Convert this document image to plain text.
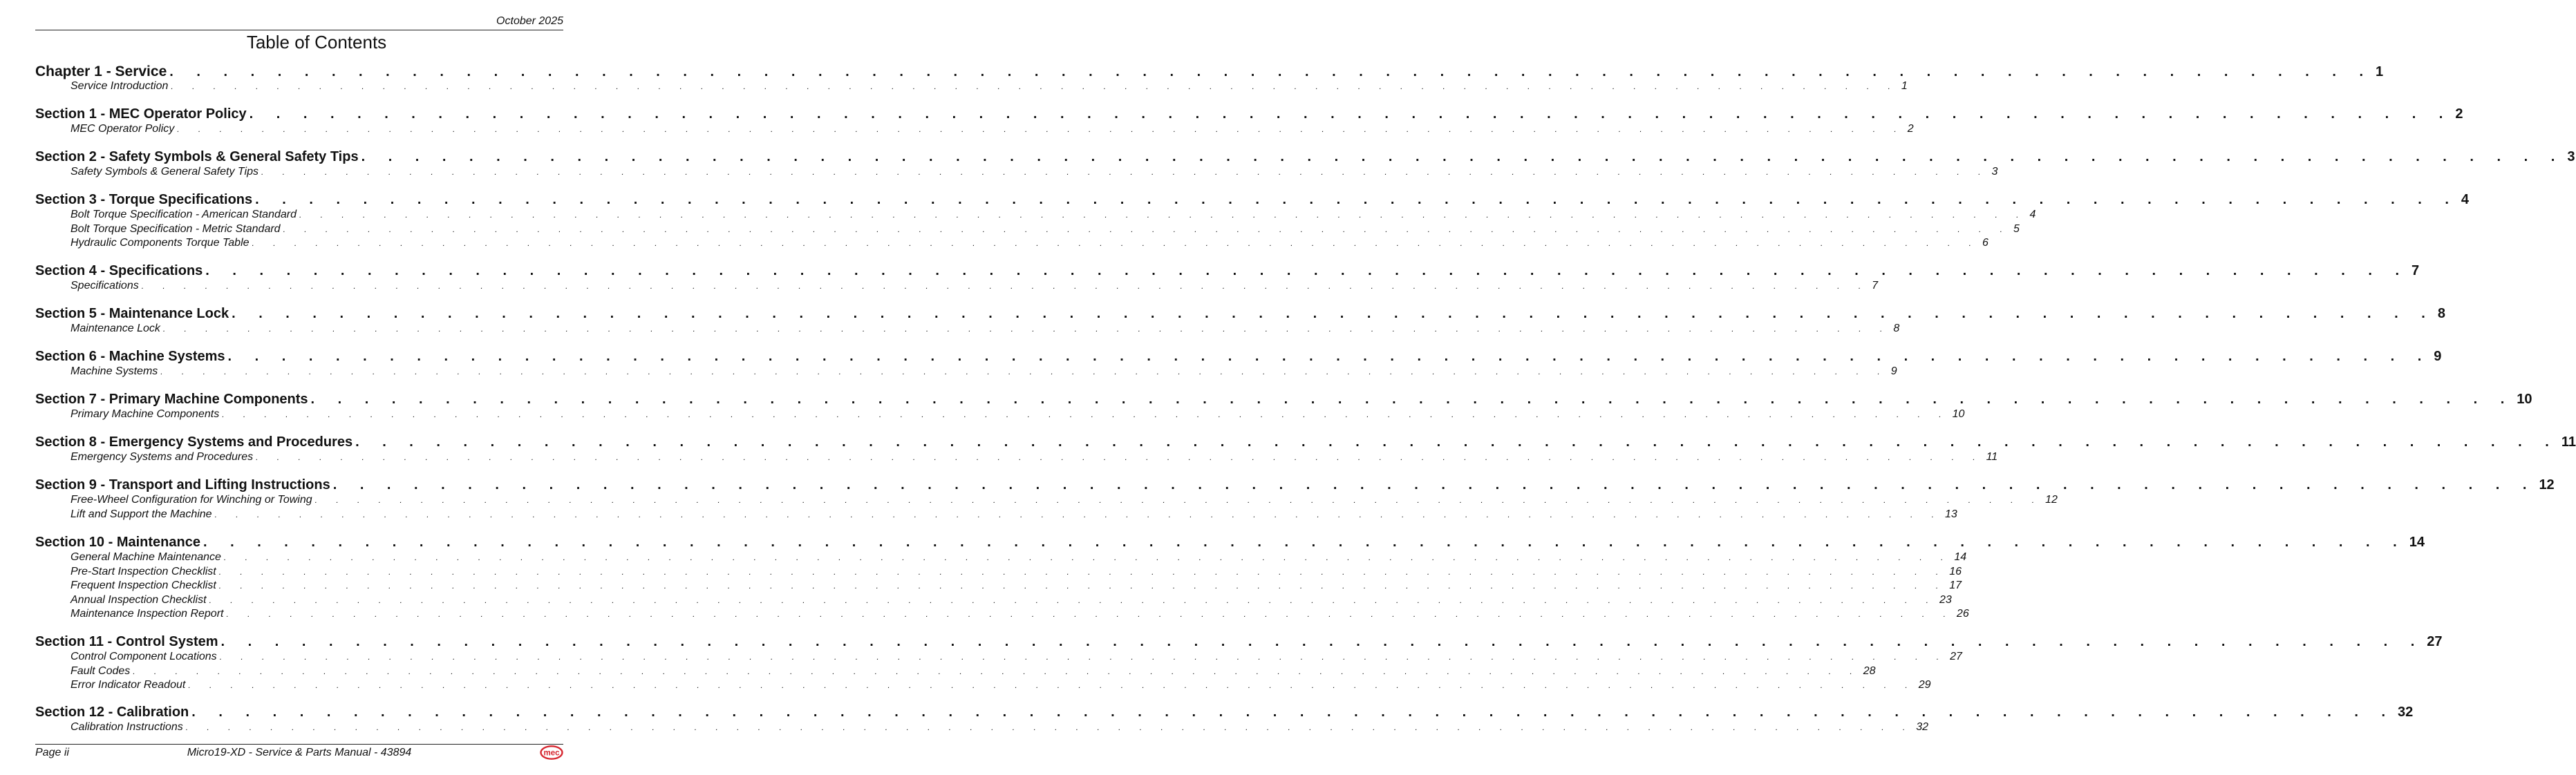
October 2025
Table of Contents
Chapter 1 - Service . . . . . . . . . . . . . . . . . . . . . . . . . . . . . . . . . . . . . . . . . . . . . . . . . . . . . . . . . . . . . . . . . . . . . . . . . . . . . . . . . . 1
Service Introduction . . . . . . . . . . . . . . . . . . . . . . . . . . . . . . . . . . . . . . . . . . . . . . . . . . . . . . . . . . . . . . . . . . . . . . . . . . . . . . . . . . 1
Section 1 - MEC Operator Policy . . . . . . . . . . . . . . . . . . . . . . . . . . . . . . . . . . . . . . . . . . . . . . . . . . . . . . . . . . . . . . . . . . . . . . . . . . . . . . . . . . 2
MEC Operator Policy . . . . . . . . . . . . . . . . . . . . . . . . . . . . . . . . . . . . . . . . . . . . . . . . . . . . . . . . . . . . . . . . . . . . . . . . . . . . . . . . . . 2
Section 2 - Safety Symbols & General Safety Tips . . . . . . . . . . . . . . . . . . . . . . . . . . . . . . . . . . . . . . . . . . . . . . . . . . . . . . . . . . . . . . . . . . . . . . . . . . . . . . . . . . 3
Safety Symbols & General Safety Tips . . . . . . . . . . . . . . . . . . . . . . . . . . . . . . . . . . . . . . . . . . . . . . . . . . . . . . . . . . . . . . . . . . . . . . . . . . . . . . . . . . 3
Section 3 - Torque Specifications . . . . . . . . . . . . . . . . . . . . . . . . . . . . . . . . . . . . . . . . . . . . . . . . . . . . . . . . . . . . . . . . . . . . . . . . . . . . . . . . . . 4
Bolt Torque Specification - American Standard . . . . . . . . . . . . . . . . . . . . . . . . . . . . . . . . . . . . . . . . . . . . . . . . . . . . . . . . . . . . . . . . . . . . . . . . . . . . . . . . . . 4
Bolt Torque Specification - Metric Standard . . . . . . . . . . . . . . . . . . . . . . . . . . . . . . . . . . . . . . . . . . . . . . . . . . . . . . . . . . . . . . . . . . . . . . . . . . . . . . . . . . 5
Hydraulic Components Torque Table . . . . . . . . . . . . . . . . . . . . . . . . . . . . . . . . . . . . . . . . . . . . . . . . . . . . . . . . . . . . . . . . . . . . . . . . . . . . . . . . . . 6
Section 4 - Specifications . . . . . . . . . . . . . . . . . . . . . . . . . . . . . . . . . . . . . . . . . . . . . . . . . . . . . . . . . . . . . . . . . . . . . . . . . . . . . . . . . . 7
Specifications . . . . . . . . . . . . . . . . . . . . . . . . . . . . . . . . . . . . . . . . . . . . . . . . . . . . . . . . . . . . . . . . . . . . . . . . . . . . . . . . . . 7
Section 5 - Maintenance Lock . . . . . . . . . . . . . . . . . . . . . . . . . . . . . . . . . . . . . . . . . . . . . . . . . . . . . . . . . . . . . . . . . . . . . . . . . . . . . . . . . . 8
Maintenance Lock . . . . . . . . . . . . . . . . . . . . . . . . . . . . . . . . . . . . . . . . . . . . . . . . . . . . . . . . . . . . . . . . . . . . . . . . . . . . . . . . . . 8
Section 6 - Machine Systems . . . . . . . . . . . . . . . . . . . . . . . . . . . . . . . . . . . . . . . . . . . . . . . . . . . . . . . . . . . . . . . . . . . . . . . . . . . . . . . . . . 9
Machine Systems . . . . . . . . . . . . . . . . . . . . . . . . . . . . . . . . . . . . . . . . . . . . . . . . . . . . . . . . . . . . . . . . . . . . . . . . . . . . . . . . . . 9
Section 7 - Primary Machine Components . . . . . . . . . . . . . . . . . . . . . . . . . . . . . . . . . . . . . . . . . . . . . . . . . . . . . . . . . . . . . . . . . . . . . . . . . . . . . . . . . . 10
Primary Machine Components . . . . . . . . . . . . . . . . . . . . . . . . . . . . . . . . . . . . . . . . . . . . . . . . . . . . . . . . . . . . . . . . . . . . . . . . . . . . . . . . . . 10
Section 8 - Emergency Systems and Procedures . . . . . . . . . . . . . . . . . . . . . . . . . . . . . . . . . . . . . . . . . . . . . . . . . . . . . . . . . . . . . . . . . . . . . . . . . . . . . . . . . . 11
Emergency Systems and Procedures . . . . . . . . . . . . . . . . . . . . . . . . . . . . . . . . . . . . . . . . . . . . . . . . . . . . . . . . . . . . . . . . . . . . . . . . . . . . . . . . . . 11
Section 9 - Transport and Lifting Instructions . . . . . . . . . . . . . . . . . . . . . . . . . . . . . . . . . . . . . . . . . . . . . . . . . . . . . . . . . . . . . . . . . . . . . . . . . . . . . . . . . . 12
Free-Wheel Configuration for Winching or Towing . . . . . . . . . . . . . . . . . . . . . . . . . . . . . . . . . . . . . . . . . . . . . . . . . . . . . . . . . . . . . . . . . . . . . . . . . . . . . . . . . . 12
Lift and Support the Machine . . . . . . . . . . . . . . . . . . . . . . . . . . . . . . . . . . . . . . . . . . . . . . . . . . . . . . . . . . . . . . . . . . . . . . . . . . . . . . . . . . 13
Section 10 - Maintenance . . . . . . . . . . . . . . . . . . . . . . . . . . . . . . . . . . . . . . . . . . . . . . . . . . . . . . . . . . . . . . . . . . . . . . . . . . . . . . . . . . 14
General Machine Maintenance . . . . . . . . . . . . . . . . . . . . . . . . . . . . . . . . . . . . . . . . . . . . . . . . . . . . . . . . . . . . . . . . . . . . . . . . . . . . . . . . . . 14
Pre-Start Inspection Checklist . . . . . . . . . . . . . . . . . . . . . . . . . . . . . . . . . . . . . . . . . . . . . . . . . . . . . . . . . . . . . . . . . . . . . . . . . . . . . . . . . . 16
Frequent Inspection Checklist . . . . . . . . . . . . . . . . . . . . . . . . . . . . . . . . . . . . . . . . . . . . . . . . . . . . . . . . . . . . . . . . . . . . . . . . . . . . . . . . . . 17
Annual Inspection Checklist . . . . . . . . . . . . . . . . . . . . . . . . . . . . . . . . . . . . . . . . . . . . . . . . . . . . . . . . . . . . . . . . . . . . . . . . . . . . . . . . . . 23
Maintenance Inspection Report . . . . . . . . . . . . . . . . . . . . . . . . . . . . . . . . . . . . . . . . . . . . . . . . . . . . . . . . . . . . . . . . . . . . . . . . . . . . . . . . . . 26
Section 11 - Control System . . . . . . . . . . . . . . . . . . . . . . . . . . . . . . . . . . . . . . . . . . . . . . . . . . . . . . . . . . . . . . . . . . . . . . . . . . . . . . . . . . 27
Control Component Locations . . . . . . . . . . . . . . . . . . . . . . . . . . . . . . . . . . . . . . . . . . . . . . . . . . . . . . . . . . . . . . . . . . . . . . . . . . . . . . . . . . 27
Fault Codes . . . . . . . . . . . . . . . . . . . . . . . . . . . . . . . . . . . . . . . . . . . . . . . . . . . . . . . . . . . . . . . . . . . . . . . . . . . . . . . . . . 28
Error Indicator Readout . . . . . . . . . . . . . . . . . . . . . . . . . . . . . . . . . . . . . . . . . . . . . . . . . . . . . . . . . . . . . . . . . . . . . . . . . . . . . . . . . . 29
Section 12 - Calibration . . . . . . . . . . . . . . . . . . . . . . . . . . . . . . . . . . . . . . . . . . . . . . . . . . . . . . . . . . . . . . . . . . . . . . . . . . . . . . . . . . 32
Calibration Instructions . . . . . . . . . . . . . . . . . . . . . . . . . . . . . . . . . . . . . . . . . . . . . . . . . . . . . . . . . . . . . . . . . . . . . . . . . . . . . . . . . . 32
Page ii	Micro19-XD - Service & Parts Manual - 43894	mec
